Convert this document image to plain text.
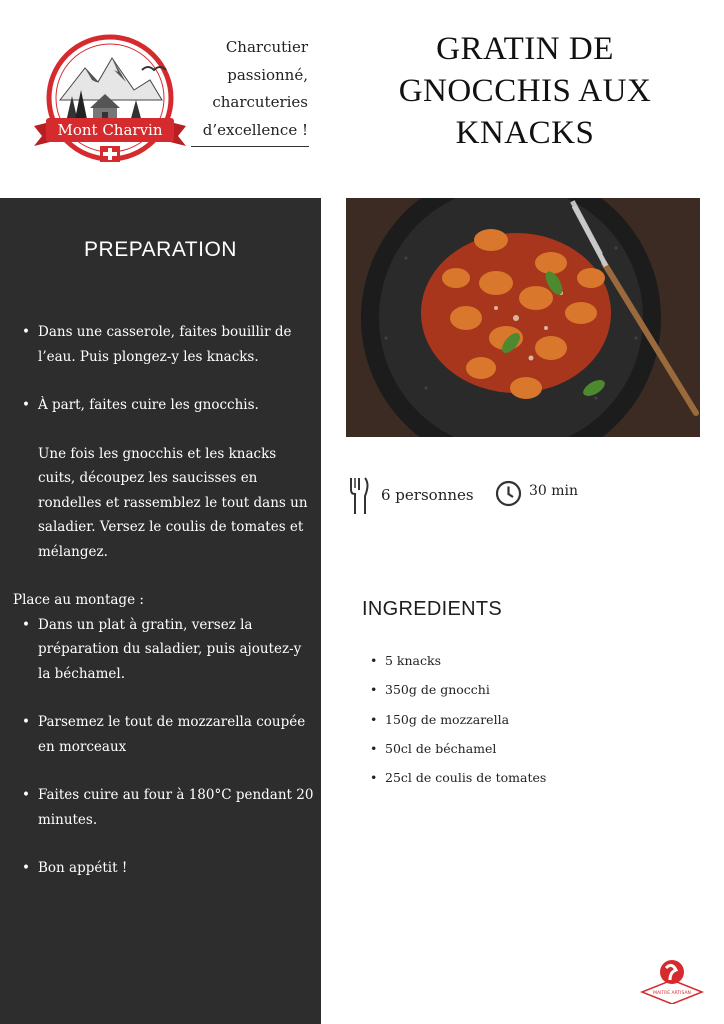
Mont Charvin
Charcutier
passionné,
charcuteries
d’excellence !
GRATIN DE
GNOCCHIS AUX
KNACKS
PREPARATION
• Dans une casserole, faites bouillir de l’eau. Puis plongez-y les knacks.
• À part, faites cuire les gnocchis.
Une fois les gnocchis et les knacks cuits, découpez les saucisses en rondelles et rassemblez le tout dans un saladier. Versez le coulis de tomates et mélangez.
Place au montage :
• Dans un plat à gratin, versez la préparation du saladier, puis ajoutez-y la béchamel.
• Parsemez le tout de mozzarella coupée en morceaux
• Faites cuire au four à 180°C pendant 20 minutes.
• Bon appétit !
6 personnes	30 min
INGREDIENTS
• 5 knacks
• 350g de gnocchi
• 150g de mozzarella
• 50cl de béchamel
• 25cl de coulis de tomates
MAITRE ARTISAN
